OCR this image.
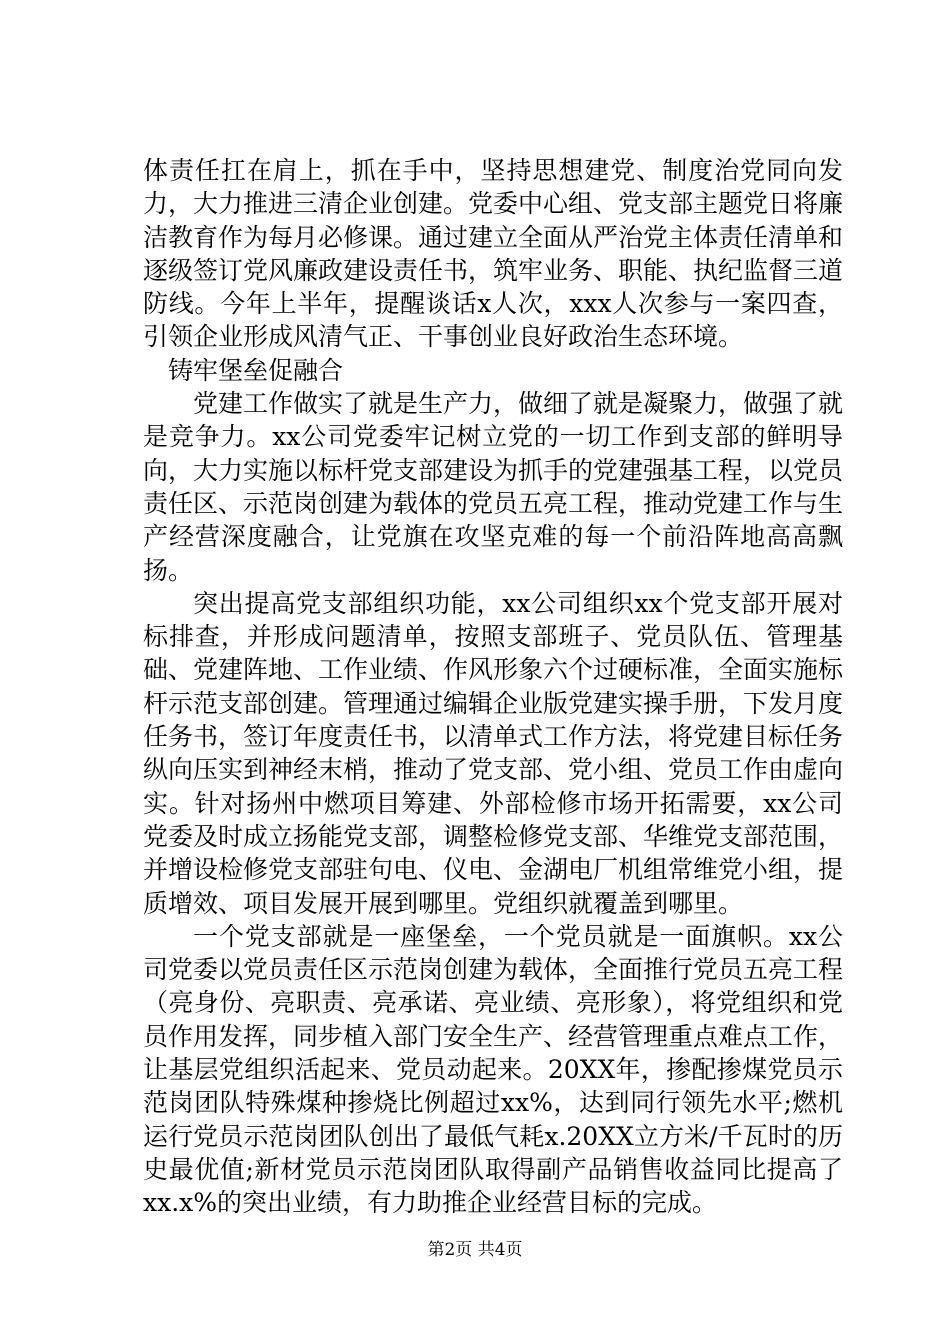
体责任扛在肩上，抓在手中，坚持思想建党、制度治党同向发力，大力推进三清企业创建。党委中心组、党支部主题党日将廉洁教育作为每月必修课。通过建立全面从严治党主体责任清单和逐级签订党风廉政建设责任书，筑牢业务、职能、执纪监督三道防线。今年上半年，提醒谈话x人次，xxx人次参与一案四查，引领企业形成风清气正、干事创业良好政治生态环境。

铸牢堡垒促融合

党建工作做实了就是生产力，做细了就是凝聚力，做强了就是竞争力。xx公司党委牢记树立党的一切工作到支部的鲜明导向，大力实施以标杆党支部建设为抓手的党建强基工程，以党员责任区、示范岗创建为载体的党员五亮工程，推动党建工作与生产经营深度融合，让党旗在攻坚克难的每一个前沿阵地高高飘扬。

突出提高党支部组织功能，xx公司组织xx个党支部开展对标排查，并形成问题清单，按照支部班子、党员队伍、管理基础、党建阵地、工作业绩、作风形象六个过硬标准，全面实施标杆示范支部创建。管理通过编辑企业版党建实操手册，下发月度任务书，签订年度责任书，以清单式工作方法，将党建目标任务纵向压实到神经末梢，推动了党支部、党小组、党员工作由虚向实。针对扬州中燃项目筹建、外部检修市场开拓需要，xx公司党委及时成立扬能党支部，调整检修党支部、华维党支部范围，并增设检修党支部驻句电、仪电、金湖电厂机组常维党小组，提质增效、项目发展开展到哪里。党组织就覆盖到哪里。

一个党支部就是一座堡垒，一个党员就是一面旗帜。xx公司党委以党员责任区示范岗创建为载体，全面推行党员五亮工程（亮身份、亮职责、亮承诺、亮业绩、亮形象），将党组织和党员作用发挥，同步植入部门安全生产、经营管理重点难点工作，让基层党组织活起来、党员动起来。20XX年，掺配掺煤党员示范岗团队特殊煤种掺烧比例超过xx%，达到同行领先水平;燃机运行党员示范岗团队创出了最低气耗x.20XX立方米/千瓦时的历史最优值;新材党员示范岗团队取得副产品销售收益同比提高了xx.x%的突出业绩，有力助推企业经营目标的完成。

第2页 共4页
